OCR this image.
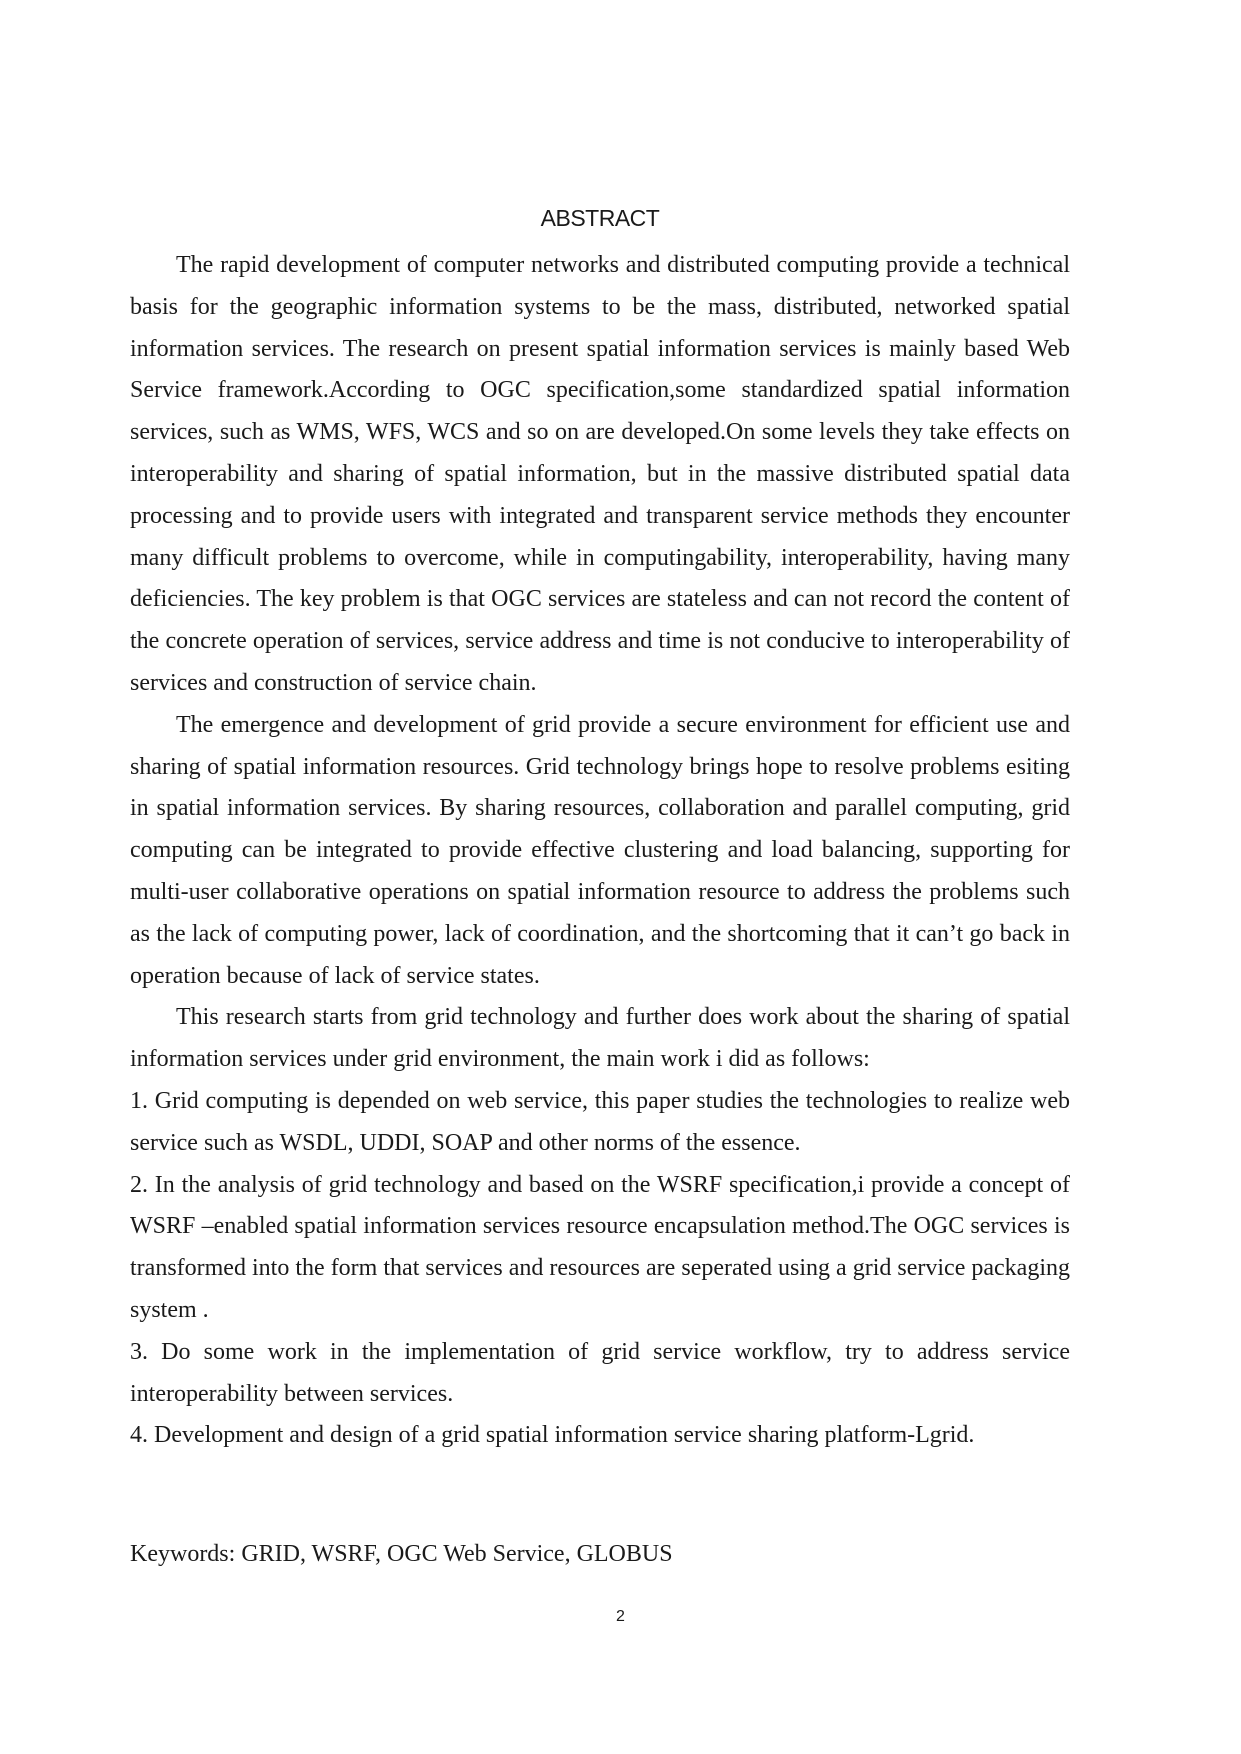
ABSTRACT

The rapid development of computer networks and distributed computing provide a technical basis for the geographic information systems to be the mass, distributed, networked spatial information services. The research on present spatial information services is mainly based Web Service framework.According to OGC specification,some standardized spatial information services, such as WMS, WFS, WCS and so on are developed.On some levels they take effects on interoperability and sharing of spatial information, but in the massive distributed spatial data processing and to provide users with integrated and transparent service methods they encounter many difficult problems to overcome, while in computingability, interoperability, having many deficiencies. The key problem is that OGC services are stateless and can not record the content of the concrete operation of services, service address and time is not conducive to interoperability of services and construction of service chain.

The emergence and development of grid provide a secure environment for efficient use and sharing of spatial information resources. Grid technology brings hope to resolve problems esiting in spatial information services. By sharing resources, collaboration and parallel computing, grid computing can be integrated to provide effective clustering and load balancing, supporting for multi-user collaborative operations on spatial information resource to address the problems such as the lack of computing power, lack of coordination, and the shortcoming that it can’t go back in operation because of lack of service states.

This research starts from grid technology and further does work about the sharing of spatial information services under grid environment, the main work i did as follows:

1. Grid computing is depended on web service, this paper studies the technologies to realize web service such as WSDL, UDDI, SOAP and other norms of the essence.

2. In the analysis of grid technology and based on the WSRF specification,i provide a concept of WSRF –enabled spatial information services resource encapsulation method.The OGC services is transformed into the form that services and resources are seperated using a grid service packaging system .

3. Do some work in the implementation of grid service workflow, try to address service interoperability between services.

4. Development and design of a grid spatial information service sharing platform-Lgrid.

Keywords: GRID, WSRF, OGC Web Service, GLOBUS
2
